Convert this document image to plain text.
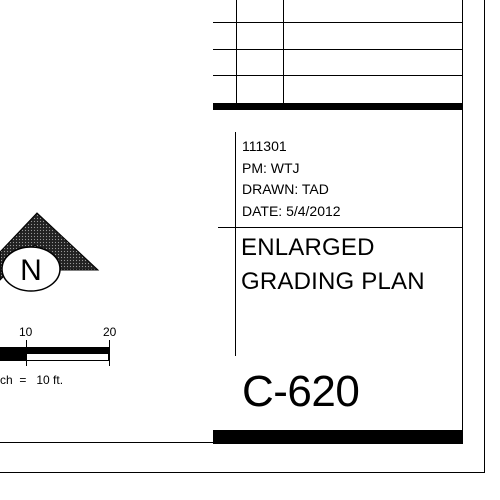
111301
PM: WTJ
DRAWN: TAD
DATE: 5/4/2012
ENLARGED
GRADING PLAN
C-620
N
10	20
ch  =   10 ft.
